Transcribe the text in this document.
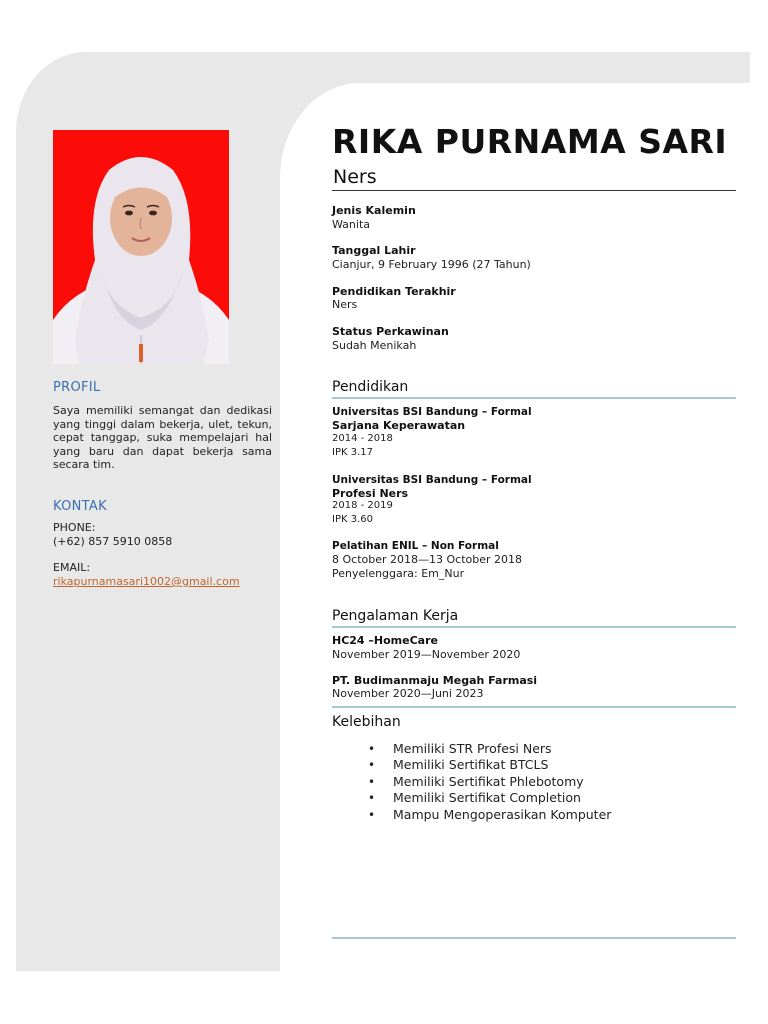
PROFIL

Saya memiliki semangat dan dedikasi yang tinggi dalam bekerja, ulet, tekun, cepat tanggap, suka mempelajari hal yang baru dan dapat bekerja sama secara tim.

KONTAK
PHONE:
(+62) 857 5910 0858
EMAIL:
rikapurnamasari1002@gmail.com
RIKA PURNAMA SARI
Ners
Jenis Kalemin
Wanita
Tanggal Lahir
Cianjur, 9 February 1996 (27 Tahun)
Pendidikan Terakhir
Ners
Status Perkawinan
Sudah Menikah
Pendidikan
Universitas BSI Bandung – Formal
Sarjana Keperawatan
2014 - 2018
IPK 3.17
Universitas BSI Bandung – Formal
Profesi Ners
2018 - 2019
IPK 3.60
Pelatihan ENIL – Non Formal
8 October 2018—13 October 2018
Penyelenggara: Em_Nur
Pengalaman Kerja
HC24 –HomeCare
November 2019—November 2020
PT. Budimanmaju Megah Farmasi
November 2020—Juni 2023
Kelebihan
• Memiliki STR Profesi Ners
• Memiliki Sertifikat BTCLS
• Memiliki Sertifikat Phlebotomy
• Memiliki Sertifikat Completion
• Mampu Mengoperasikan Komputer
